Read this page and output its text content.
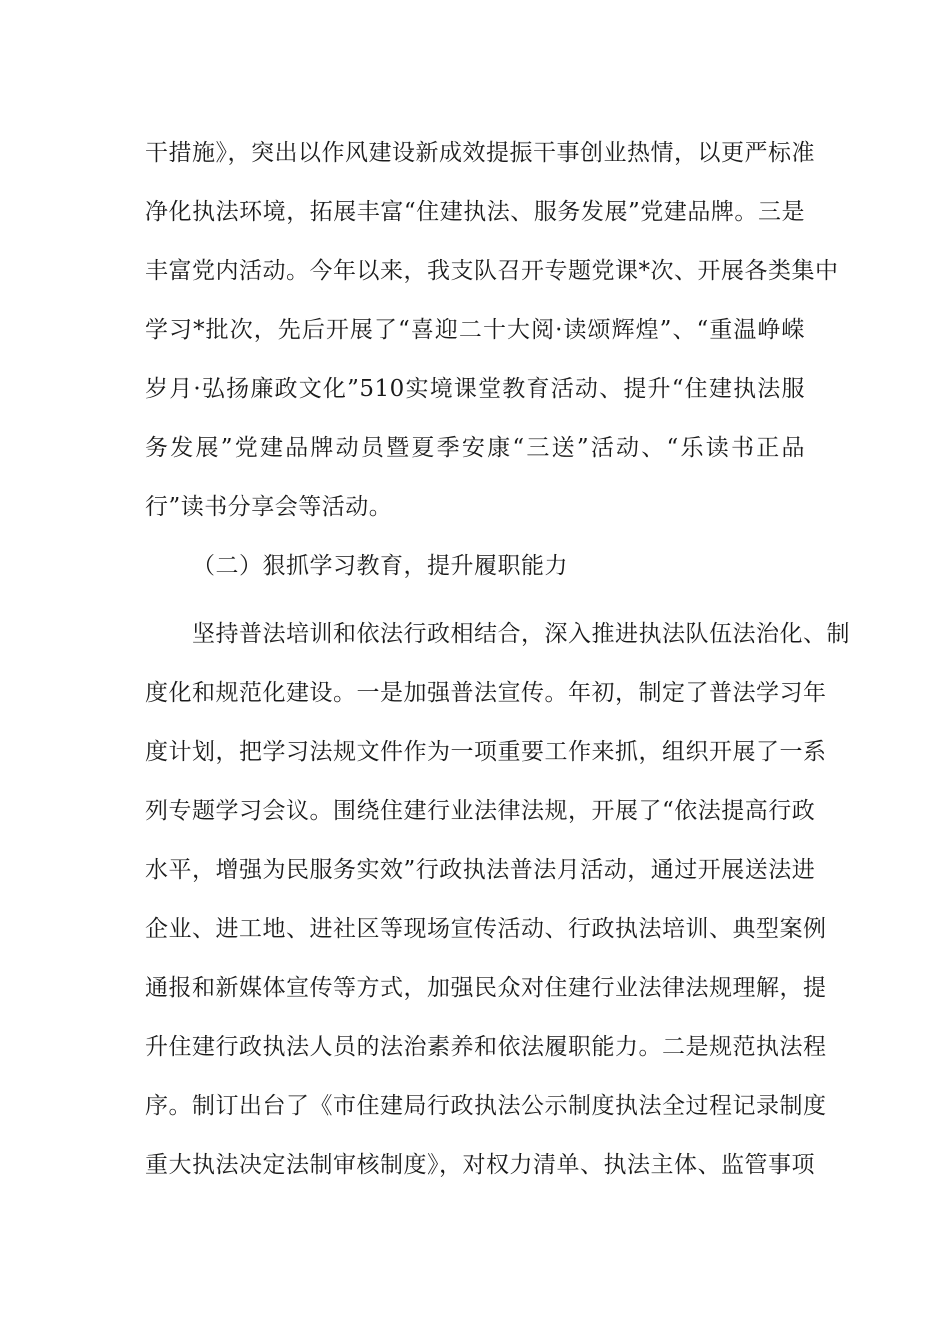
干措施》，突出以作风建设新成效提振干事创业热情，以更严标准
净化执法环境，拓展丰富“住建执法、服务发展”党建品牌。三是
丰富党内活动。今年以来，我支队召开专题党课*次、开展各类集中
学习*批次，先后开展了“喜迎二十大阅·读颂辉煌”、“重温峥嵘
岁月·弘扬廉政文化”510实境课堂教育活动、提升“住建执法服
务发展”党建品牌动员暨夏季安康“三送”活动、“乐读书正品
行”读书分享会等活动。
（二）狠抓学习教育，提升履职能力
坚持普法培训和依法行政相结合，深入推进执法队伍法治化、制
度化和规范化建设。一是加强普法宣传。年初，制定了普法学习年
度计划，把学习法规文件作为一项重要工作来抓，组织开展了一系
列专题学习会议。围绕住建行业法律法规，开展了“依法提高行政
水平，增强为民服务实效”行政执法普法月活动，通过开展送法进
企业、进工地、进社区等现场宣传活动、行政执法培训、典型案例
通报和新媒体宣传等方式，加强民众对住建行业法律法规理解，提
升住建行政执法人员的法治素养和依法履职能力。二是规范执法程
序。制订出台了《市住建局行政执法公示制度执法全过程记录制度
重大执法决定法制审核制度》，对权力清单、执法主体、监管事项
